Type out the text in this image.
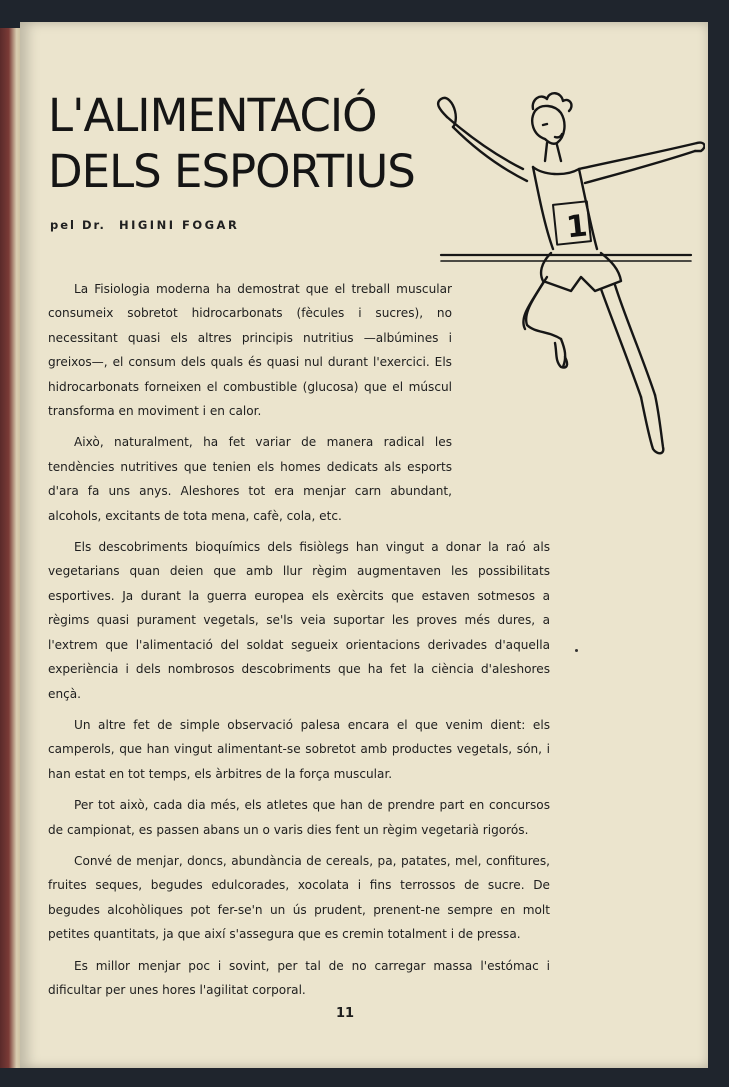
L'ALIMENTACIÓ
DELS ESPORTIUS
pel Dr. HIGINI FOGAR	1

La Fisiologia moderna ha demostrat que el treball muscular consumeix sobretot hidrocarbonats (fècules i sucres), no necessitant quasi els altres principis nutritius —albúmines i greixos—, el consum dels quals és quasi nul durant l'exercici. Els hidrocarbonats forneixen el combustible (glucosa) que el múscul transforma en moviment i en calor.

Això, naturalment, ha fet variar de manera radical les tendències nutritives que tenien els homes dedicats als esports d'ara fa uns anys. Aleshores tot era menjar carn abundant, alcohols, excitants de tota mena, cafè, cola, etc.

Els descobriments bioquímics dels fisiòlegs han vingut a donar la raó als vegetarians quan deien que amb llur règim augmentaven les possibilitats esportives. Ja durant la guerra europea els exèrcits que estaven sotmesos a règims quasi purament vegetals, se'ls veia suportar les proves més dures, a l'extrem que l'alimentació del soldat segueix orientacions derivades d'aquella experiència i dels nombrosos descobriments que ha fet la ciència d'aleshores ençà.

Un altre fet de simple observació palesa encara el que venim dient: els camperols, que han vingut alimentant-se sobretot amb productes vegetals, són, i han estat en tot temps, els àrbitres de la força muscular.

Per tot això, cada dia més, els atletes que han de prendre part en concursos de campionat, es passen abans un o varis dies fent un règim vegetarià rigorós.

Convé de menjar, doncs, abundància de cereals, pa, patates, mel, confitures, fruites seques, begudes edulcorades, xocolata i fins terrossos de sucre. De begudes alcohòliques pot fer-se'n un ús prudent, prenent-ne sempre en molt petites quantitats, ja que així s'assegura que es cremin totalment i de pressa.

Es millor menjar poc i sovint, per tal de no carregar massa l'estómac i dificultar per unes hores l'agilitat corporal.

11
